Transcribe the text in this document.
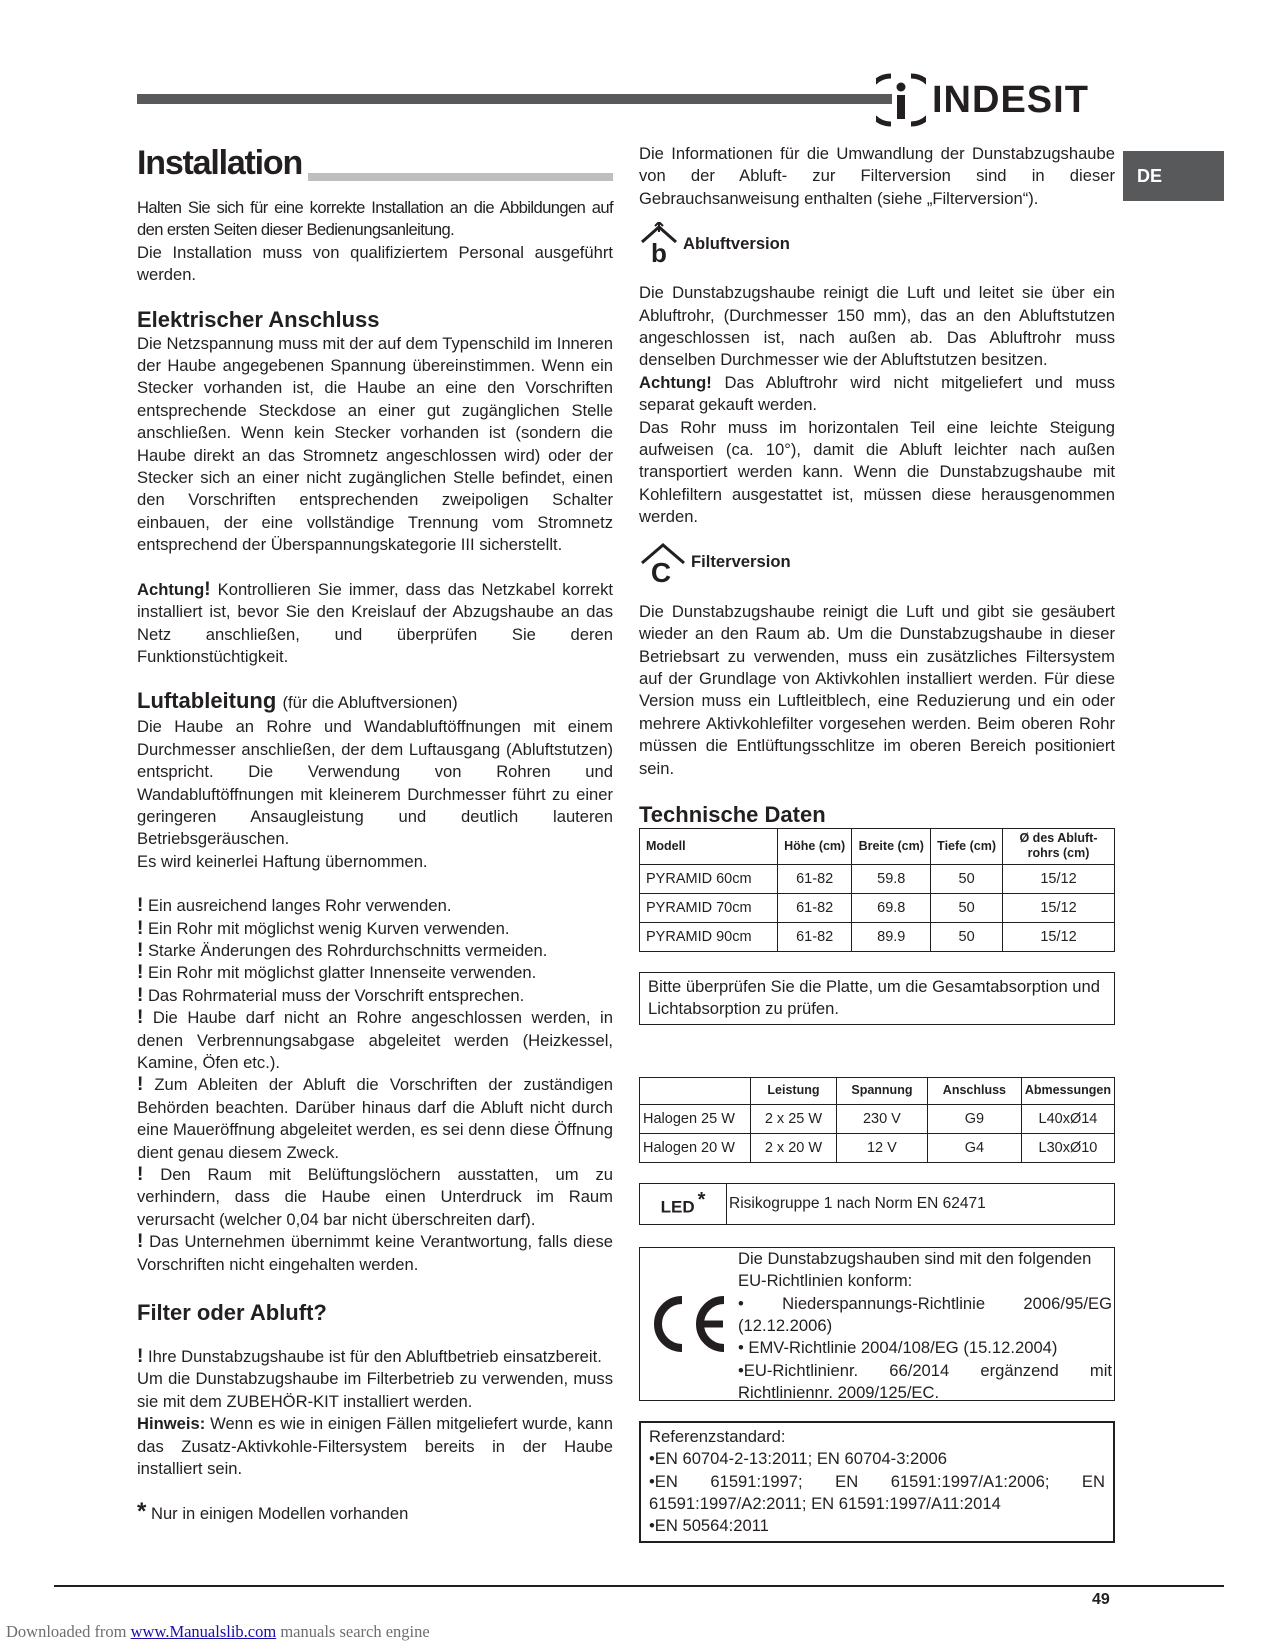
INDESIT
DE
Installation

Halten Sie sich für eine korrekte Installation an die Abbildungen auf den ersten Seiten dieser Bedienungsanleitung.

Die Installation muss von qualifiziertem Personal ausgeführt werden.

Elektrischer Anschluss

Die Netzspannung muss mit der auf dem Typenschild im Inneren der Haube angegebenen Spannung übereinstimmen. Wenn ein Stecker vorhanden ist, die Haube an eine den Vorschriften entsprechende Steckdose an einer gut zugänglichen Stelle anschließen. Wenn kein Stecker vorhanden ist (sondern die Haube direkt an das Stromnetz angeschlossen wird) oder der Stecker sich an einer nicht zugänglichen Stelle befindet, einen den Vorschriften entsprechenden zweipoligen Schalter einbauen, der eine vollständige Trennung vom Stromnetz entsprechend der Überspannungskategorie III sicherstellt.

Achtung! Kontrollieren Sie immer, dass das Netzkabel korrekt installiert ist, bevor Sie den Kreislauf der Abzugshaube an das Netz anschließen, und überprüfen Sie deren Funktionstüchtigkeit.

Luftableitung (für die Abluftversionen)

Die Haube an Rohre und Wandabluftöffnungen mit einem Durchmesser anschließen, der dem Luftausgang (Abluftstutzen) entspricht. Die Verwendung von Rohren und Wandabluftöffnungen mit kleinerem Durchmesser führt zu einer geringeren Ansaugleistung und deutlich lauteren Betriebsgeräuschen.

Es wird keinerlei Haftung übernommen.

! Ein ausreichend langes Rohr verwenden.

! Ein Rohr mit möglichst wenig Kurven verwenden.

! Starke Änderungen des Rohrdurchschnitts vermeiden.

! Ein Rohr mit möglichst glatter Innenseite verwenden.

! Das Rohrmaterial muss der Vorschrift entsprechen.

! Die Haube darf nicht an Rohre angeschlossen werden, in denen Verbrennungsabgase abgeleitet werden (Heizkessel, Kamine, Öfen etc.).

! Zum Ableiten der Abluft die Vorschriften der zuständigen Behörden beachten. Darüber hinaus darf die Abluft nicht durch eine Maueröffnung abgeleitet werden, es sei denn diese Öffnung dient genau diesem Zweck.

! Den Raum mit Belüftungslöchern ausstatten, um zu verhindern, dass die Haube einen Unterdruck im Raum verursacht (welcher 0,04 bar nicht überschreiten darf).

! Das Unternehmen übernimmt keine Verantwortung, falls diese Vorschriften nicht eingehalten werden.

Filter oder Abluft?

! Ihre Dunstabzugshaube ist für den Abluftbetrieb einsatzbereit.

Um die Dunstabzugshaube im Filterbetrieb zu verwenden, muss sie mit dem ZUBEHÖR-KIT installiert werden.

Hinweis: Wenn es wie in einigen Fällen mitgeliefert wurde, kann das Zusatz-Aktivkohle-Filtersystem bereits in der Haube installiert sein.

* Nur in einigen Modellen vorhanden

Die Informationen für die Umwandlung der Dunstabzugshaube von der Abluft- zur Filterversion sind in dieser Gebrauchsanweisung enthalten (siehe „Filterversion“).

b Abluftversion

Die Dunstabzugshaube reinigt die Luft und leitet sie über ein Abluftrohr, (Durchmesser 150 mm), das an den Abluftstutzen angeschlossen ist, nach außen ab. Das Abluftrohr muss denselben Durchmesser wie der Abluftstutzen besitzen.

Achtung! Das Abluftrohr wird nicht mitgeliefert und muss separat gekauft werden.

Das Rohr muss im horizontalen Teil eine leichte Steigung aufweisen (ca. 10°), damit die Abluft leichter nach außen transportiert werden kann. Wenn die Dunstabzugshaube mit Kohlefiltern ausgestattet ist, müssen diese herausgenommen werden.

C Filterversion

Die Dunstabzugshaube reinigt die Luft und gibt sie gesäubert wieder an den Raum ab. Um die Dunstabzugshaube in dieser Betriebsart zu verwenden, muss ein zusätzliches Filtersystem auf der Grundlage von Aktivkohlen installiert werden. Für diese Version muss ein Luftleitblech, eine Reduzierung und ein oder mehrere Aktivkohlefilter vorgesehen werden. Beim oberen Rohr müssen die Entlüftungsschlitze im oberen Bereich positioniert sein.

Technische Daten
Modell	Höhe (cm)	Breite (cm)	Tiefe (cm)	Ø des Abluft-rohrs (cm)
PYRAMID 60cm	61-82	59.8	50	15/12
PYRAMID 70cm	61-82	69.8	50	15/12
PYRAMID 90cm	61-82	89.9	50	15/12

Bitte überprüfen Sie die Platte, um die Gesamtabsorption und Lichtabsorption zu prüfen.

	Leistung	Spannung	Anschluss	Abmessungen
Halogen 25 W	2 x 25 W	230 V	G9	L40xØ14
Halogen 20 W	2 x 20 W	12 V	G4	L30xØ10
LED *	Risikogruppe 1 nach Norm EN 62471

Die Dunstabzugshauben sind mit den folgenden EU-Richtlinien konform:

• Niederspannungs-Richtlinie 2006/95/EG (12.12.2006)

• EMV-Richtlinie 2004/108/EG (15.12.2004)

•EU-Richtlinienr. 66/2014 ergänzend mit Richtliniennr. 2009/125/EC.

Referenzstandard:

•EN 60704-2-13:2011; EN 60704-3:2006

•EN 61591:1997; EN 61591:1997/A1:2006; EN 61591:1997/A2:2011; EN 61591:1997/A11:2014

•EN 50564:2011

49
Downloaded from www.Manualslib.com manuals search engine
